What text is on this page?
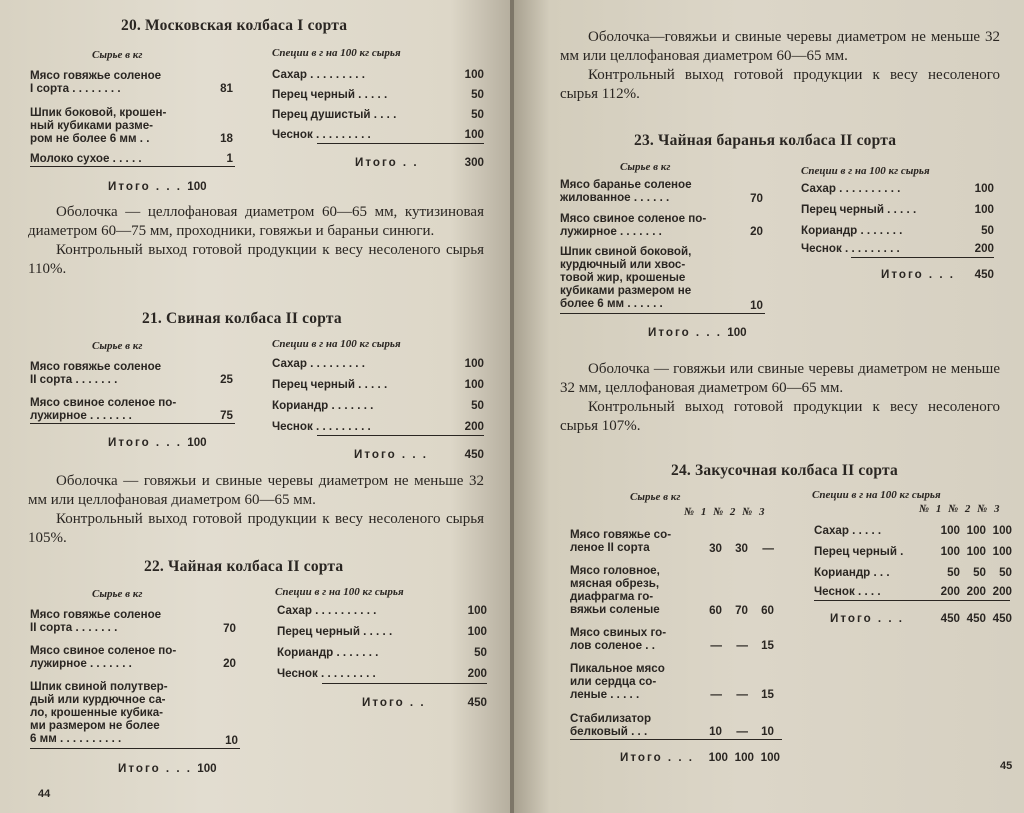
20. Московская колбаса I сорта
Сырье в кг	Специи в г на 100 кг сырья
Мясо говяжье соленое
I сорта . . . . . . . .	81
Шпик боковой, крошен-
ный кубиками разме-
ром не более 6 мм . .	18
Молоко сухое . . . . .	1
Итого . . . 100
Сахар . . . . . . . . .	100
Перец черный . . . . .	50
Перец душистый . . . .	50
Чеснок . . . . . . . . .	100
Итого . .	300

Оболочка — целлофановая диаметром 60—65 мм, кутизиновая диаметром 60—75 мм, проходники, говяжьи и бараньи синюги.

Контрольный выход готовой продукции к весу несоленого сырья 110%.

21. Свиная колбаса II сорта
Сырье в кг	Специи в г на 100 кг сырья
Мясо говяжье соленое
II сорта . . . . . . .	25
Мясо свиное соленое по-
лужирное . . . . . . .	75
Итого . . . 100
Сахар . . . . . . . . .	100
Перец черный . . . . .	100
Кориандр . . . . . . .	50
Чеснок . . . . . . . . .	200
Итого . . .	450

Оболочка — говяжьи и свиные черевы диаметром не меньше 32 мм или целлофановая диаметром 60—65 мм.

Контрольный выход готовой продукции к весу несоленого сырья 105%.

22. Чайная колбаса II сорта
Сырье в кг	Специи в г на 100 кг сырья
Мясо говяжье соленое
II сорта . . . . . . .	70
Мясо свиное соленое по-
лужирное . . . . . . .	20
Шпик свиной полутвер-
дый или курдючное са-
ло, крошенные кубика-
ми размером не более
6 мм . . . . . . . . . .	10
Итого . . . 100
Сахар . . . . . . . . . .	100
Перец черный . . . . .	100
Кориандр . . . . . . .	50
Чеснок . . . . . . . . .	200
Итого . .	450
44

Оболочка—говяжьи и свиные черевы диаметром не меньше 32 мм или целлофановая диаметром 60—65 мм.

Контрольный выход готовой продукции к весу несоленого сырья 112%.

23. Чайная баранья колбаса II сорта
Сырье в кг	Специи в г на 100 кг сырья
Мясо баранье соленое
жилованное . . . . . .	70
Мясо свиное соленое по-
лужирное . . . . . . .	20
Шпик свиной боковой,
курдючный или хвос-
товой жир, крошеные
кубиками размером не
более 6 мм . . . . . .	10
Итого . . . 100
Сахар . . . . . . . . . .	100
Перец черный . . . . .	100
Кориандр . . . . . . .	50
Чеснок . . . . . . . . .	200
Итого . . . 450

Оболочка — говяжьи или свиные черевы диаметром не меньше 32 мм, целлофановая диаметром 60—65 мм.

Контрольный выход готовой продукции к весу несоленого сырья 107%.

24. Закусочная колбаса II сорта
Сырье в кг	Специи в г на 100 кг сырья
№ 1 № 2 № 3	№ 1 № 2 № 3
Мясо говяжье со-
леное II сорта	30	30	—
Мясо головное,
мясная обрезь,
диафрагма го-
вяжьи соленые	60	70	60
Мясо свиных го-
лов соленое . .	—	—	15
Пикальное мясо
или сердца со-
леные . . . . .	—	—	15
Стабилизатор
белковый . . .	10	—	10
Итого . . .	100 100 100
Сахар . . . . .	100 100 100
Перец черный .	100 100 100
Кориандр . . .	50	50	50
Чеснок . . . .	200 200 200
Итого . . .	450 450 450
45
